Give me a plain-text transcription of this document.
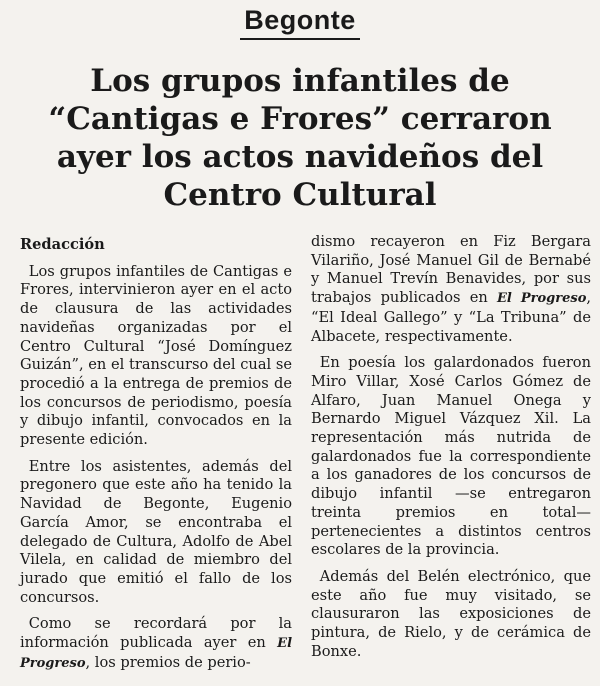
Begonte
Los grupos infantiles de “Cantigas e Frores” cerraron ayer los actos navideños del Centro Cultural

Redacción

Los grupos infantiles de Cantigas e Frores, intervinieron ayer en el acto de clausura de las actividades navideñas organizadas por el Centro Cultural “José Domínguez Guizán”, en el transcurso del cual se procedió a la entrega de premios de los concursos de periodismo, poesía y dibujo infantil, convocados en la presente edición.

Entre los asistentes, además del pregonero que este año ha tenido la Navidad de Begonte, Eugenio García Amor, se encontraba el delegado de Cultura, Adolfo de Abel Vilela, en calidad de miembro del jurado que emitió el fallo de los concursos.

Como se recordará por la información publicada ayer en El Progreso, los premios de perio-

dismo recayeron en Fiz Bergara Vilariño, José Manuel Gil de Bernabé y Manuel Trevín Benavides, por sus trabajos publicados en El Progreso, “El Ideal Gallego” y “La Tribuna” de Albacete, respectivamente.

En poesía los galardonados fueron Miro Villar, Xosé Carlos Gómez de Alfaro, Juan Manuel Onega y Bernardo Miguel Vázquez Xil. La representación más nutrida de galardonados fue la correspondiente a los ganadores de los concursos de dibujo infantil —se entregaron treinta premios en total— pertenecientes a distintos centros escolares de la provincia.

Además del Belén electrónico, que este año fue muy visitado, se clausuraron las exposiciones de pintura, de Rielo, y de cerámica de Bonxe.
